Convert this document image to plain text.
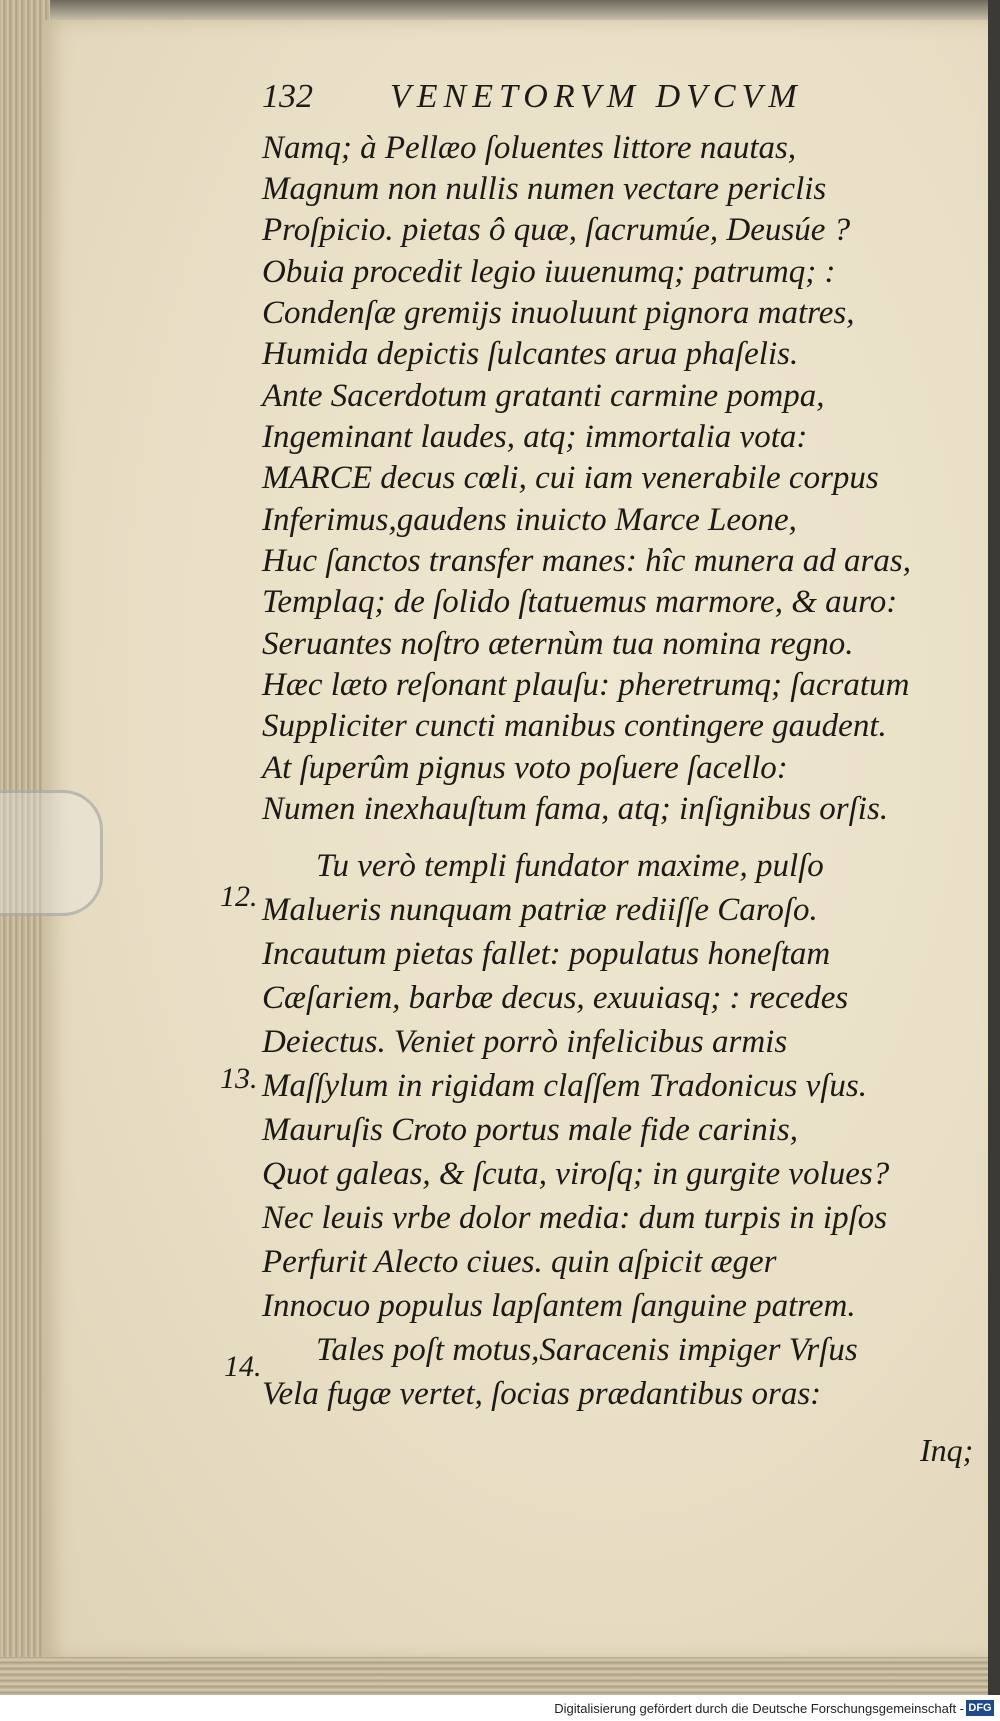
132 VENETORVM DVCVM
Namq; à Pellæo ſoluentes littore nautas,
Magnum non nullis numen vectare periclis
Proſpicio. pietas ô quæ, ſacrumúe, Deusúe ?
Obuia procedit legio iuuenumq; patrumq; :
Condenſæ gremijs inuoluunt pignora matres,
Humida depictis ſulcantes arua phaſelis.
Ante Sacerdotum gratanti carmine pompa,
Ingeminant laudes, atq; immortalia vota:
MARCE decus cœli, cui iam venerabile corpus
Inferimus,gaudens inuicto Marce Leone,
Huc ſanctos transfer manes: hîc munera ad aras,
Templaq; de ſolido ſtatuemus marmore, & auro:
Seruantes noſtro æternùm tua nomina regno.
Hæc læto reſonant plauſu: pheretrumq; ſacratum
Suppliciter cuncti manibus contingere gaudent.
At ſuperûm pignus voto poſuere ſacello:
Numen inexhauſtum fama, atq; inſignibus orſis.
Tu verò templi fundator maxime, pulſo
Malueris nunquam patriæ rediiſſe Caroſo.
Incautum pietas fallet: populatus honeſtam
Cæſariem, barbæ decus, exuuiasq; : recedes
Deiectus. Veniet porrò infelicibus armis
Maſſylum in rigidam claſſem Tradonicus vſus.
Mauruſis Croto portus male fide carinis,
Quot galeas, & ſcuta, viroſq; in gurgite volues?
Nec leuis vrbe dolor media: dum turpis in ipſos
Perfurit Alecto ciues. quin aſpicit æger
Innocuo populus lapſantem ſanguine patrem.
Tales poſt motus,Saracenis impiger Vrſus
Vela fugæ vertet, ſocias prædantibus oras:
12.
13.
14.
Inq;
Digitalisierung gefördert durch die Deutsche Forschungsgemeinschaft - DFG
